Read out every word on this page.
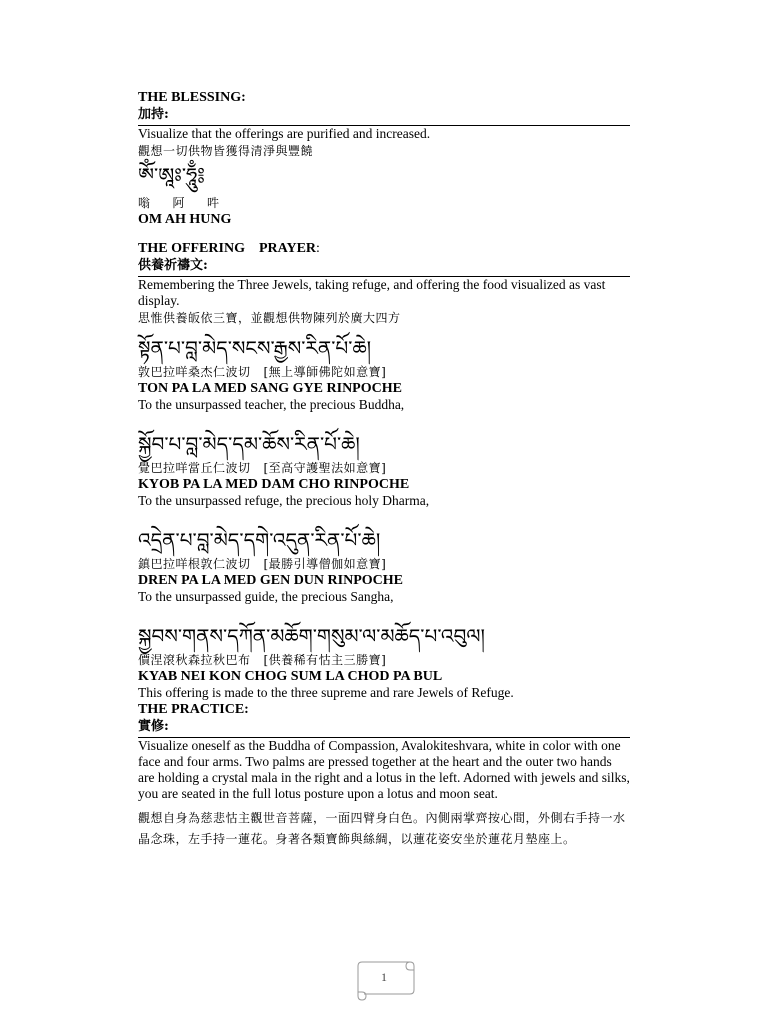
THE BLESSING:
加持:
Visualize that the offerings are purified and increased.
觀想一切供物皆獲得清淨與豐饒
ༀ་ཨཱཿ་ཧཱུྃ༔
嗡 阿 吽
OM AH HUNG
THE OFFERING PRAYER:
供養祈禱文:
Remembering the Three Jewels, taking refuge, and offering the food visualized as vast display.
思惟供養皈依三寶，並觀想供物陳列於廣大四方
སྟོན་པ་བླ་མེད་སངས་རྒྱས་རིན་པོ་ཆེ།
敦巴拉咩桑杰仁波切 [無上導師佛陀如意寶]
TON PA LA MED SANG GYE RINPOCHE
To the unsurpassed teacher, the precious Buddha,
སྐྱོབ་པ་བླ་མེད་དམ་ཆོས་རིན་པོ་ཆེ།
覺巴拉咩當丘仁波切 [至高守護聖法如意寶]
KYOB PA LA MED DAM CHO RINPOCHE
To the unsurpassed refuge, the precious holy Dharma,
འདྲེན་པ་བླ་མེད་དགེ་འདུན་རིན་པོ་ཆེ།
鎮巴拉咩根敦仁波切 [最勝引導僧伽如意寶]
DREN PA LA MED GEN DUN RINPOCHE
To the unsurpassed guide, the precious Sangha,
སྐྱབས་གནས་དཀོན་མཆོག་གསུམ་ལ་མཆོད་པ་འབུལ།
價涅滾秋森拉秋巴布 [供養稀有怙主三勝寶]
KYAB NEI KON CHOG SUM LA CHOD PA BUL
This offering is made to the three supreme and rare Jewels of Refuge.
THE PRACTICE:
實修:
Visualize oneself as the Buddha of Compassion, Avalokiteshvara, white in color with one face and four arms. Two palms are pressed together at the heart and the outer two hands are holding a crystal mala in the right and a lotus in the left. Adorned with jewels and silks, you are seated in the full lotus posture upon a lotus and moon seat.
觀想自身為慈悲怙主觀世音菩薩，一面四臂身白色。內側兩掌齊按心間，外側右手持一水晶念珠，左手持一蓮花。身著各類寶飾與絲綢，以蓮花姿安坐於蓮花月墊座上。
1
